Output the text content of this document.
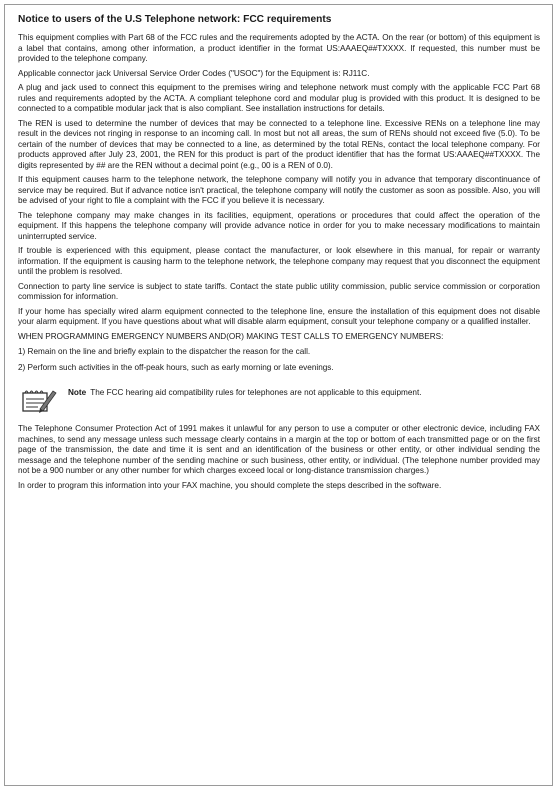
Notice to users of the U.S Telephone network: FCC requirements

This equipment complies with Part 68 of the FCC rules and the requirements adopted by the ACTA. On the rear (or bottom) of this equipment is a label that contains, among other information, a product identifier in the format US:AAAEQ##TXXXX. If requested, this number must be provided to the telephone company.

Applicable connector jack Universal Service Order Codes ("USOC") for the Equipment is: RJ11C.

A plug and jack used to connect this equipment to the premises wiring and telephone network must comply with the applicable FCC Part 68 rules and requirements adopted by the ACTA. A compliant telephone cord and modular plug is provided with this product. It is designed to be connected to a compatible modular jack that is also compliant. See installation instructions for details.

The REN is used to determine the number of devices that may be connected to a telephone line. Excessive RENs on a telephone line may result in the devices not ringing in response to an incoming call. In most but not all areas, the sum of RENs should not exceed five (5.0). To be certain of the number of devices that may be connected to a line, as determined by the total RENs, contact the local telephone company. For products approved after July 23, 2001, the REN for this product is part of the product identifier that has the format US:AAAEQ##TXXXX. The digits represented by ## are the REN without a decimal point (e.g., 00 is a REN of 0.0).

If this equipment causes harm to the telephone network, the telephone company will notify you in advance that temporary discontinuance of service may be required. But if advance notice isn't practical, the telephone company will notify the customer as soon as possible. Also, you will be advised of your right to file a complaint with the FCC if you believe it is necessary.

The telephone company may make changes in its facilities, equipment, operations or procedures that could affect the operation of the equipment. If this happens the telephone company will provide advance notice in order for you to make necessary modifications to maintain uninterrupted service.

If trouble is experienced with this equipment, please contact the manufacturer, or look elsewhere in this manual, for repair or warranty information. If the equipment is causing harm to the telephone network, the telephone company may request that you disconnect the equipment until the problem is resolved.

Connection to party line service is subject to state tariffs. Contact the state public utility commission, public service commission or corporation commission for information.

If your home has specially wired alarm equipment connected to the telephone line, ensure the installation of this equipment does not disable your alarm equipment. If you have questions about what will disable alarm equipment, consult your telephone company or a qualified installer.

WHEN PROGRAMMING EMERGENCY NUMBERS AND(OR) MAKING TEST CALLS TO EMERGENCY NUMBERS:

1) Remain on the line and briefly explain to the dispatcher the reason for the call.

2) Perform such activities in the off-peak hours, such as early morning or late evenings.

Note The FCC hearing aid compatibility rules for telephones are not applicable to this equipment.

The Telephone Consumer Protection Act of 1991 makes it unlawful for any person to use a computer or other electronic device, including FAX machines, to send any message unless such message clearly contains in a margin at the top or bottom of each transmitted page or on the first page of the transmission, the date and time it is sent and an identification of the business or other entity, or other individual sending the message and the telephone number of the sending machine or such business, other entity, or individual. (The telephone number provided may not be a 900 number or any other number for which charges exceed local or long-distance transmission charges.)

In order to program this information into your FAX machine, you should complete the steps described in the software.
